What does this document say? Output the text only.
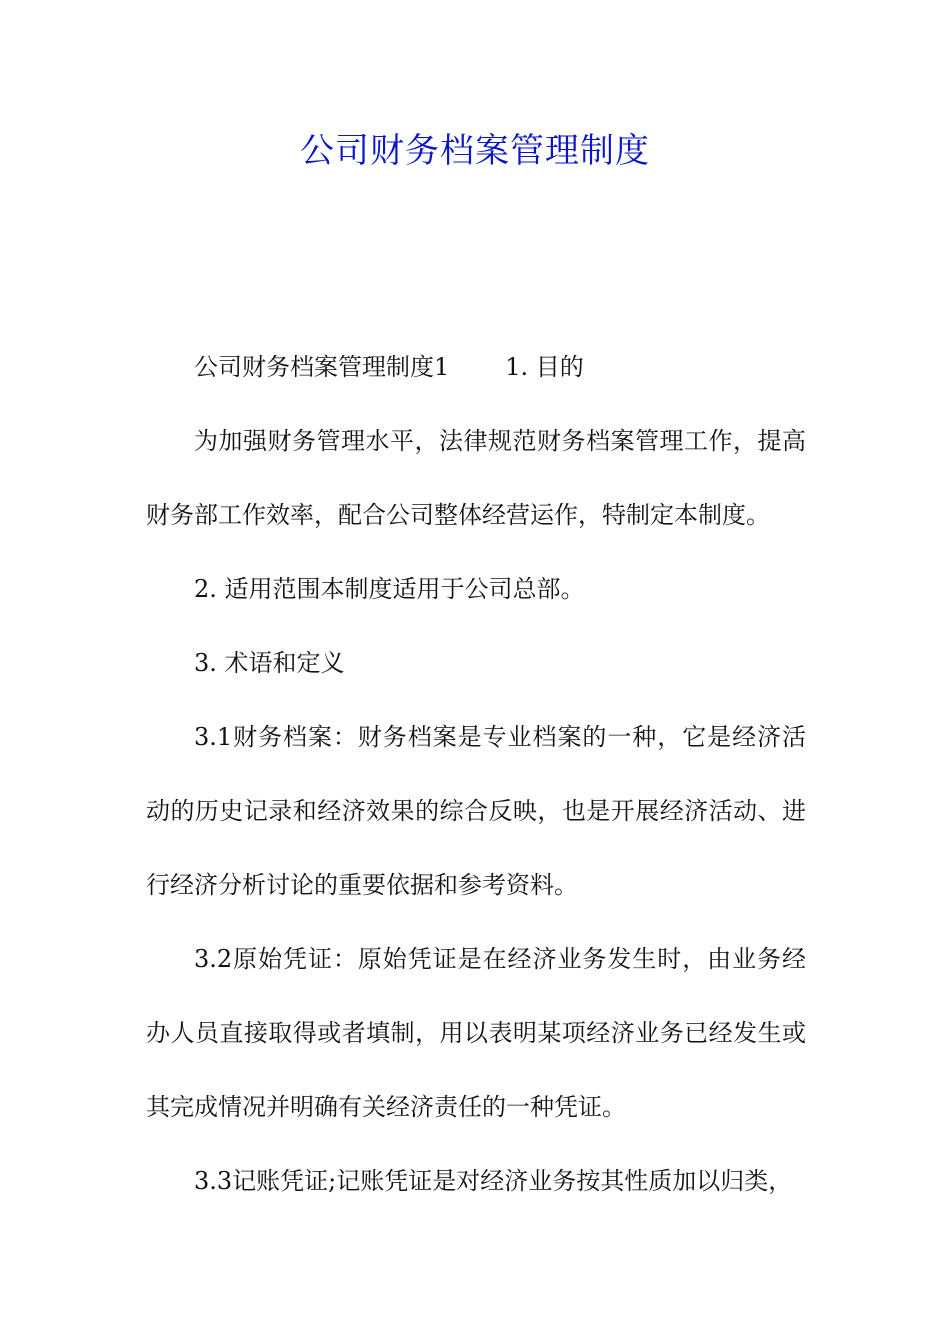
公司财务档案管理制度
公司财务档案管理制度1 1. 目的

为加强财务管理水平，法律规范财务档案管理工作，提高财务部工作效率，配合公司整体经营运作，特制定本制度。

2. 适用范围本制度适用于公司总部。

3. 术语和定义

3.1财务档案：财务档案是专业档案的一种，它是经济活动的历史记录和经济效果的综合反映，也是开展经济活动、进行经济分析讨论的重要依据和参考资料。

3.2原始凭证：原始凭证是在经济业务发生时，由业务经办人员直接取得或者填制，用以表明某项经济业务已经发生或其完成情况并明确有关经济责任的一种凭证。

3.3记账凭证;记账凭证是对经济业务按其性质加以归类，
